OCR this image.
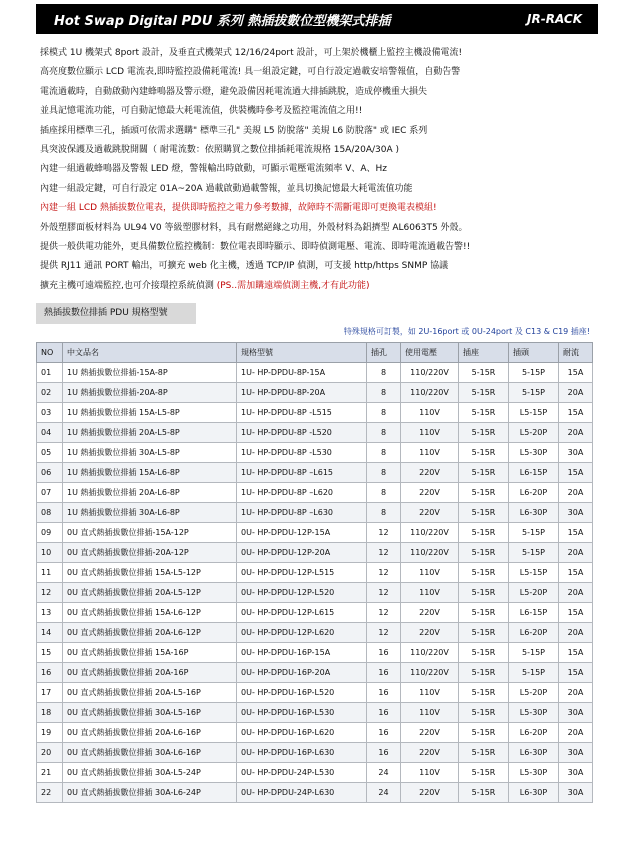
Hot Swap Digital PDU 系列 熱插拔數位型機架式排插	JR-RACK
採模式 1U 機架式 8port 設計，及垂直式機架式 12/16/24port 設計，可上架於機櫃上監控主機設備電流!
高亮度數位顯示 LCD 電流表,即時監控設備耗電流! 具一組設定鍵，可自行設定過載安培警報值，自動告警
電流過載時，自動啟動內建蜂鳴器及警示燈，避免設備因耗電流過大排插跳脫，造成停機重大損失
並具記憶電流功能，可自動記憶最大耗電流值，供裝機時參考及監控電流值之用!!
插座採用標準三孔，插頭可依需求選購" 標準三孔" 美規 L5 防脫落" 美規 L6 防脫落" 或 IEC 系列
具突波保護及過載跳脫開關（ 耐電流數：依照購買之數位排插耗電流規格 15A/20A/30A )
內建一組過載蜂鳴器及警報 LED 燈，警報輸出時啟動，可顯示電壓電流頻率 V、A、Hz
內建一組設定鍵，可自行設定 01A~20A 過載啟動過載警報，並具切換記憶最大耗電流值功能
內建一組 LCD 熱插拔數位電表，提供即時監控之電力參考數據，故障時不需斷電即可更換電表模組!
外殼塑膠面板材料為 UL94 V0 等級塑膠材料，具有耐燃絕緣之功用，外殼材料為鋁擠型 AL6063T5 外殼。
提供一般供電功能外，更具備數位監控機制：數位電表即時顯示、即時偵測電壓、電流、即時電流過載告警!!
提供 RJ11 通訊 PORT 輸出，可擴充 web 化主機，透過 TCP/IP 偵測，可支援 http/https SNMP 協議
擴充主機可遠端監控,也可介接環控系統偵測 (PS..需加購遠端偵測主機,才有此功能)
熱插拔數位排插 PDU 規格型號
特殊規格可訂製，如 2U-16port 或 0U-24port 及 C13 & C19 插座!
NO	中文品名	規格型號	插孔	使用電壓	插座	插頭	耐流
01	1U 熱插拔數位排插-15A-8P	1U- HP-DPDU-8P-15A	8	110/220V	5-15R	5-15P	15A
02	1U 熱插拔數位排插-20A-8P	1U- HP-DPDU-8P-20A	8	110/220V	5-15R	5-15P	20A
03	1U 熱插拔數位排插 15A-L5-8P	1U- HP-DPDU-8P -L515	8	110V	5-15R	L5-15P	15A
04	1U 熱插拔數位排插 20A-L5-8P	1U- HP-DPDU-8P -L520	8	110V	5-15R	L5-20P	20A
05	1U 熱插拔數位排插 30A-L5-8P	1U- HP-DPDU-8P -L530	8	110V	5-15R	L5-30P	30A
06	1U 熱插拔數位排插 15A-L6-8P	1U- HP-DPDU-8P –L615	8	220V	5-15R	L6-15P	15A
07	1U 熱插拔數位排插 20A-L6-8P	1U- HP-DPDU-8P –L620	8	220V	5-15R	L6-20P	20A
08	1U 熱插拔數位排插 30A-L6-8P	1U- HP-DPDU-8P –L630	8	220V	5-15R	L6-30P	30A
09	0U 直式熱插拔數位排插-15A-12P	0U- HP-DPDU-12P-15A	12	110/220V	5-15R	5-15P	15A
10	0U 直式熱插拔數位排插-20A-12P	0U- HP-DPDU-12P-20A	12	110/220V	5-15R	5-15P	20A
11	0U 直式熱插拔數位排插 15A-L5-12P	0U- HP-DPDU-12P-L515	12	110V	5-15R	L5-15P	15A
12	0U 直式熱插拔數位排插 20A-L5-12P	0U- HP-DPDU-12P-L520	12	110V	5-15R	L5-20P	20A
13	0U 直式熱插拔數位排插 15A-L6-12P	0U- HP-DPDU-12P-L615	12	220V	5-15R	L6-15P	15A
14	0U 直式熱插拔數位排插 20A-L6-12P	0U- HP-DPDU-12P-L620	12	220V	5-15R	L6-20P	20A
15	0U 直式熱插拔數位排插 15A-16P	0U- HP-DPDU-16P-15A	16	110/220V	5-15R	5-15P	15A
16	0U 直式熱插拔數位排插 20A-16P	0U- HP-DPDU-16P-20A	16	110/220V	5-15R	5-15P	15A
17	0U 直式熱插拔數位排插 20A-L5-16P	0U- HP-DPDU-16P-L520	16	110V	5-15R	L5-20P	20A
18	0U 直式熱插拔數位排插 30A-L5-16P	0U- HP-DPDU-16P-L530	16	110V	5-15R	L5-30P	30A
19	0U 直式熱插拔數位排插 20A-L6-16P	0U- HP-DPDU-16P-L620	16	220V	5-15R	L6-20P	20A
20	0U 直式熱插拔數位排插 30A-L6-16P	0U- HP-DPDU-16P-L630	16	220V	5-15R	L6-30P	30A
21	0U 直式熱插拔數位排插 30A-L5-24P	0U- HP-DPDU-24P-L530	24	110V	5-15R	L5-30P	30A
22	0U 直式熱插拔數位排插 30A-L6-24P	0U- HP-DPDU-24P-L630	24	220V	5-15R	L6-30P	30A
